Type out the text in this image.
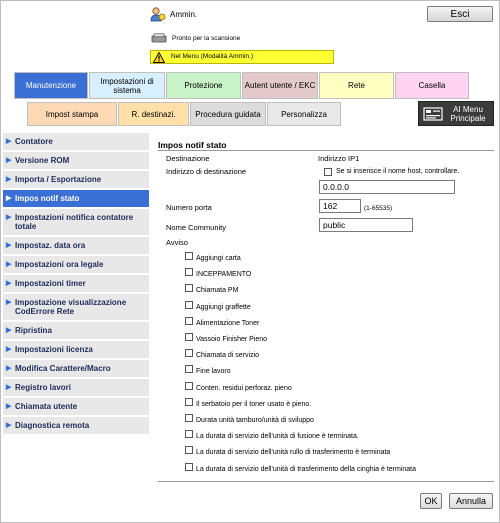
Ammin.	Esci
Pronto per la scansione
Nel Menu (Modalità Ammin.)
Manutenzione	Impostazioni di sistema	Protezione	Autent utente / EKC	Rete	Casella
Impost stampa	R. destinazi.	Procedura guidata	Personalizza
AI Menu Principale
▶ Contatore
▶ Versione ROM
▶ Importa / Esportazione
▶ Impos notif stato
▶ Impostazioni notifica contatore totale
▶ Impostaz. data ora
▶ Impostazioni ora legale
▶ Impostazioni timer
▶ Impostazione visualizzazione CodErrore Rete
▶ Ripristina
▶ Impostazioni licenza
▶ Modifica Carattere/Macro
▶ Registro lavori
▶ Chiamata utente
▶ Diagnostica remota
Impos notif stato
Destinazione	Indirizzo IP1
Indirizzo di destinazione	Se si inserisce il nome host, controllare.
0.0.0.0
Numero porta	162	(1-65535)
Nome Community	public
Avviso
Aggiungi carta
INCEPPAMENTO
Chiamata PM
Aggiungi graffette
Alimentazione Toner
Vassoio Finisher Pieno
Chiamata di servizio
Fine lavoro
Conten. residui perforaz. pieno
Il serbatoio per il toner usato è pieno.
Durata unità tamburo/unità di sviluppo
La durata di servizio dell'unità di fusione è terminata.
La durata di servizio dell'unità rullo di trasferimento è terminata
La durata di servizio dell'unità di trasferimento della cinghia è terminata
OK	Annulla
